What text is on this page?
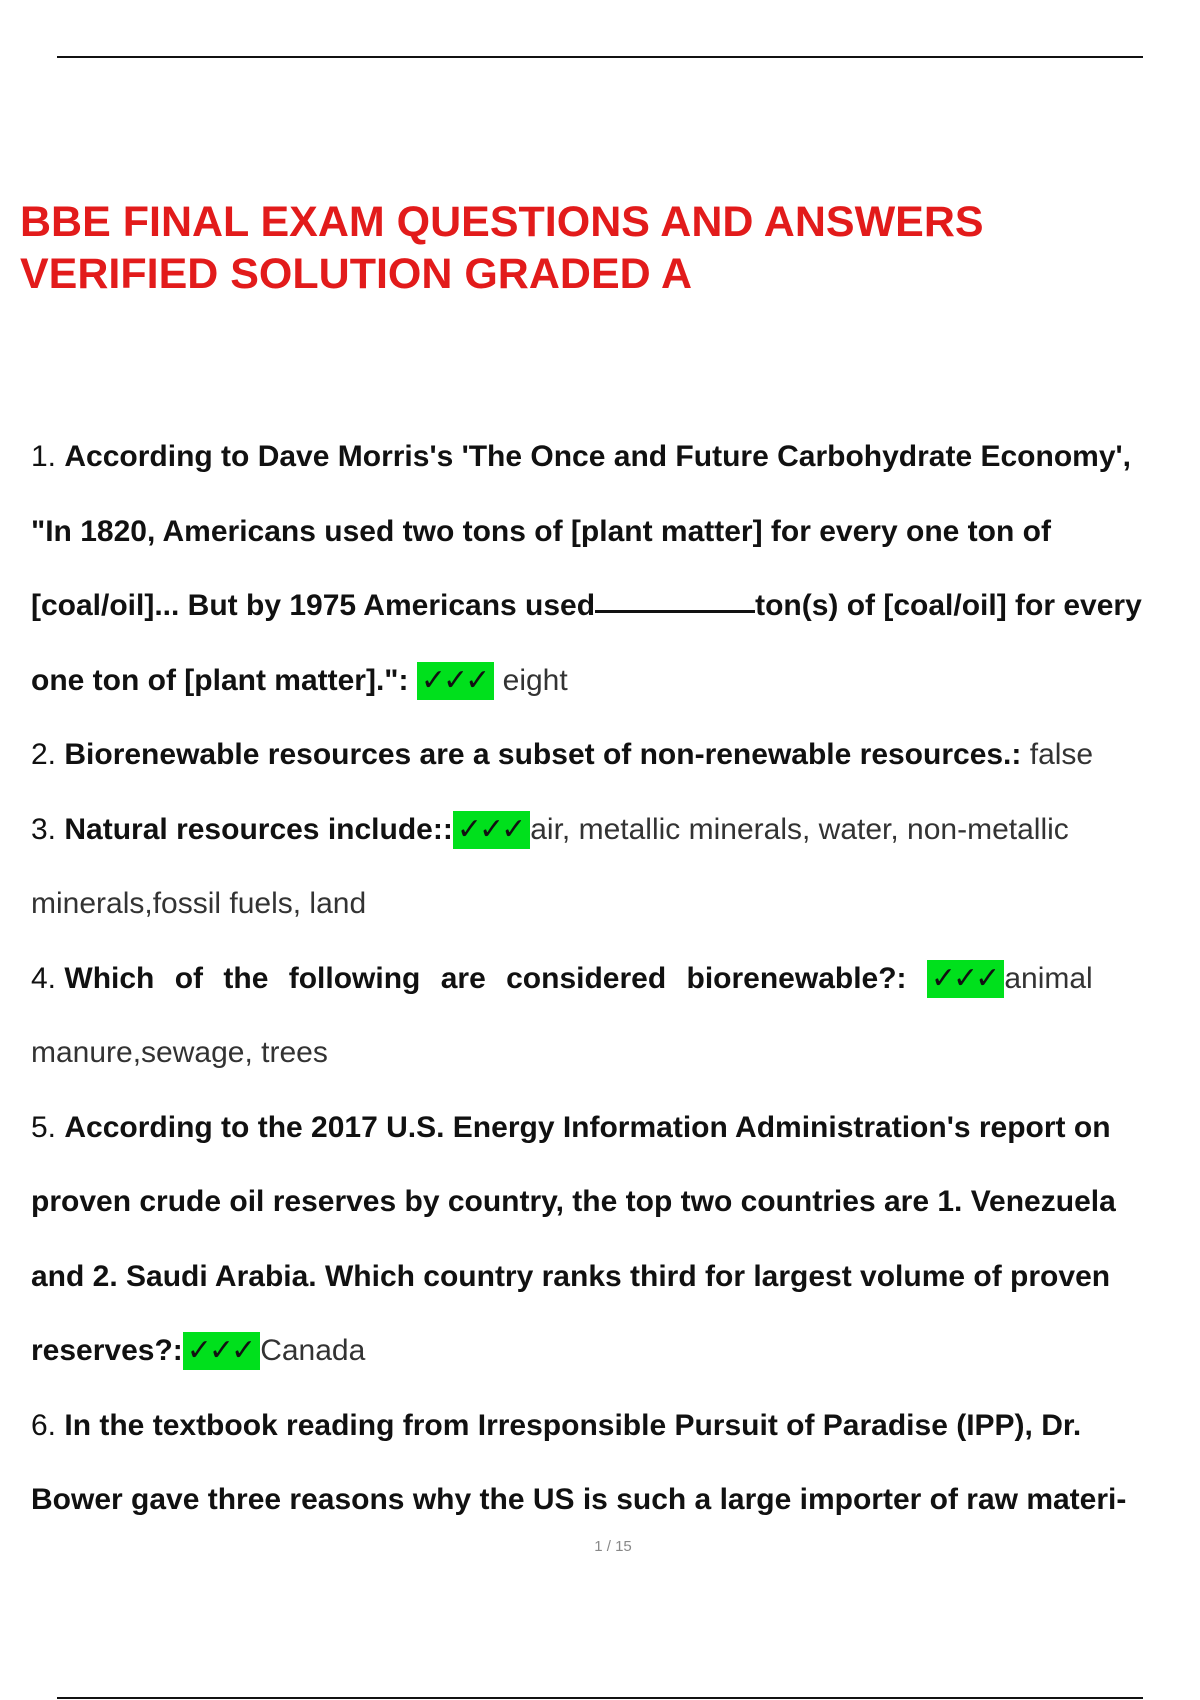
BBE FINAL EXAM QUESTIONS AND ANSWERS
VERIFIED SOLUTION GRADED A
1. According to Dave Morris's 'The Once and Future Carbohydrate Economy',
"In 1820, Americans used two tons of [plant matter] for every one ton of
[coal/oil]... But by 1975 Americans used	ton(s) of [coal/oil] for every
one ton of [plant matter].": ✓✓✓ eight
2. Biorenewable resources are a subset of non-renewable resources.: false
3. Natural resources include:: ✓✓✓ air, metallic minerals, water, non-metallic
minerals,fossil fuels, land
4. Which of the following are considered biorenewable?: ✓✓✓ animal
manure,sewage, trees
5. According to the 2017 U.S. Energy Information Administration's report on
proven crude oil reserves by country, the top two countries are 1. Venezuela
and 2. Saudi Arabia. Which country ranks third for largest volume of proven
reserves?: ✓✓✓ Canada
6. In the textbook reading from Irresponsible Pursuit of Paradise (IPP), Dr.
Bower gave three reasons why the US is such a large importer of raw materi-
1 / 15
